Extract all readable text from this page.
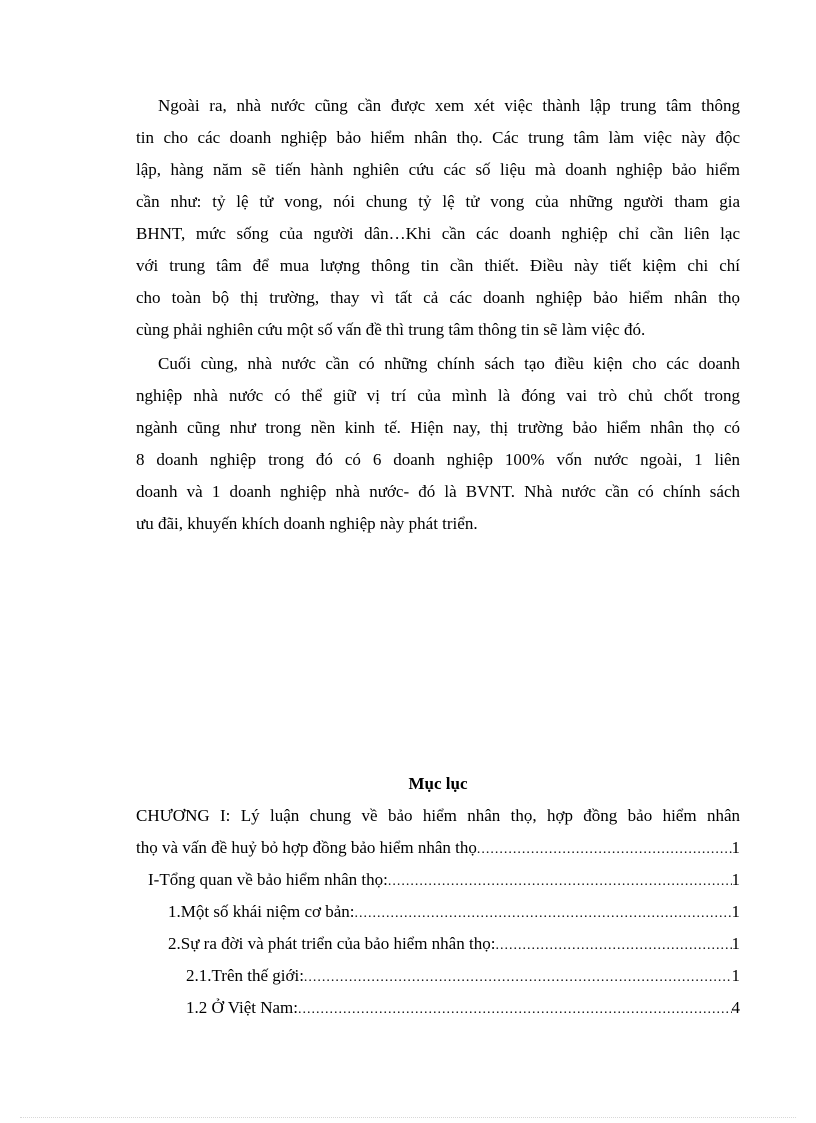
Ngoài ra, nhà nước cũng cần được xem xét việc thành lập trung tâm thông
tin cho các doanh nghiệp bảo hiểm nhân thọ. Các trung tâm làm việc này độc
lập, hàng năm sẽ tiến hành nghiên cứu các số liệu mà doanh nghiệp bảo hiểm
cần như: tỷ lệ tử vong, nói chung tỷ lệ tử vong của những người tham gia
BHNT, mức sống của người dân…Khi cần các doanh nghiệp chỉ cần liên lạc
với trung tâm để mua lượng thông tin cần thiết. Điều này tiết kiệm chi chí
cho toàn bộ thị trường, thay vì tất cả các doanh nghiệp bảo hiểm nhân thọ
cùng phải nghiên cứu một số vấn đề thì trung tâm thông tin sẽ làm việc đó.
Cuối cùng, nhà nước cần có những chính sách tạo điều kiện cho các doanh
nghiệp nhà nước có thể giữ vị trí của mình là đóng vai trò chủ chốt trong
ngành cũng như trong nền kinh tế. Hiện nay, thị trường bảo hiểm nhân thọ có
8 doanh nghiệp trong đó có 6 doanh nghiệp 100% vốn nước ngoài, 1 liên
doanh và 1 doanh nghiệp nhà nước- đó là BVNT. Nhà nước cần có chính sách
ưu đãi, khuyến khích doanh nghiệp này phát triển.
Mục lục
CHƯƠNG I: Lý luận chung về bảo hiểm nhân thọ, hợp đồng bảo hiểm nhân
thọ và vấn đề huỷ bỏ hợp đồng bảo hiểm nhân thọ .....	1
I-Tổng quan về bảo hiểm nhân thọ: .....	1
1.Một số khái niệm cơ bản: .....	1
2.Sự ra đời và phát triển của bảo hiểm nhân thọ: .....	1
2.1.Trên thế giới: .....	1
1.2 Ở Việt Nam: .....	4
